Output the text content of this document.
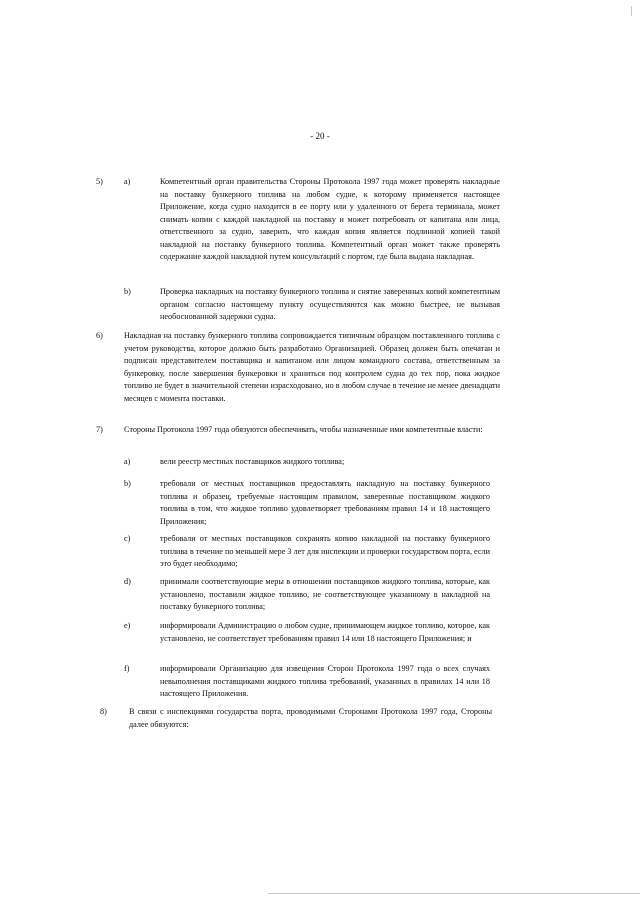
- 20 -
5)	a)	Компетентный орган правительства Стороны Протокола 1997 года может проверять накладные на поставку бункерного топлива на любом судне, к которому применяется настоящее Приложение, когда судно находится в ее порту или у удаленного от берега терминала, может снимать копии с каждой накладной на поставку и может потребовать от капитана или лица, ответственного за судно, заверить, что каждая копия является подлинной копией такой накладной на поставку бункерного топлива. Компетентный орган может также проверять содержание каждой накладной путем консультаций с портом, где была выдана накладная.
b)	Проверка накладных на поставку бункерного топлива и снятие заверенных копий компетентным органом согласно настоящему пункту осуществляются как можно быстрее, не вызывая необоснованной задержки судна.
6)	Накладная на поставку бункерного топлива сопровождается типичным образцом поставленного топлива с учетом руководства, которое должно быть разработано Организацией. Образец должен быть опечатан и подписан представителем поставщика и капитаном или лицом командного состава, ответственным за бункеровку, после завершения бункеровки и храниться под контролем судна до тех пор, пока жидкое топливо не будет в значительной степени израсходовано, но в любом случае в течение не менее двенадцати месяцев с момента поставки.
7)	Стороны Протокола 1997 года обязуются обеспечивать, чтобы назначенные ими компетентные власти:
a)	вели реестр местных поставщиков жидкого топлива;
b)	требовали от местных поставщиков предоставлять накладную на поставку бункерного топлива и образец, требуемые настоящим правилом, заверенные поставщиком жидкого топлива в том, что жидкое топливо удовлетворяет требованиям правил 14 и 18 настоящего Приложения;
c)	требовали от местных поставщиков сохранять копию накладной на поставку бункерного топлива в течение по меньшей мере 3 лет для инспекции и проверки государством порта, если это будет необходимо;
d)	принимали соответствующие меры в отношении поставщиков жидкого топлива, которые, как установлено, поставили жидкое топливо, не соответствующее указанному в накладной на поставку бункерного топлива;
e)	информировали Администрацию о любом судне, принимающем жидкое топливо, которое, как установлено, не соответствует требованиям правил 14 или 18 настоящего Приложения; и
f)	информировали Организацию для извещения Сторон Протокола 1997 года о всех случаях невыполнения поставщиками жидкого топлива требований, указанных в правилах 14 или 18 настоящего Приложения.
8)	В связи с инспекциями государства порта, проводимыми Сторонами Протокола 1997 года, Стороны далее обязуются:
